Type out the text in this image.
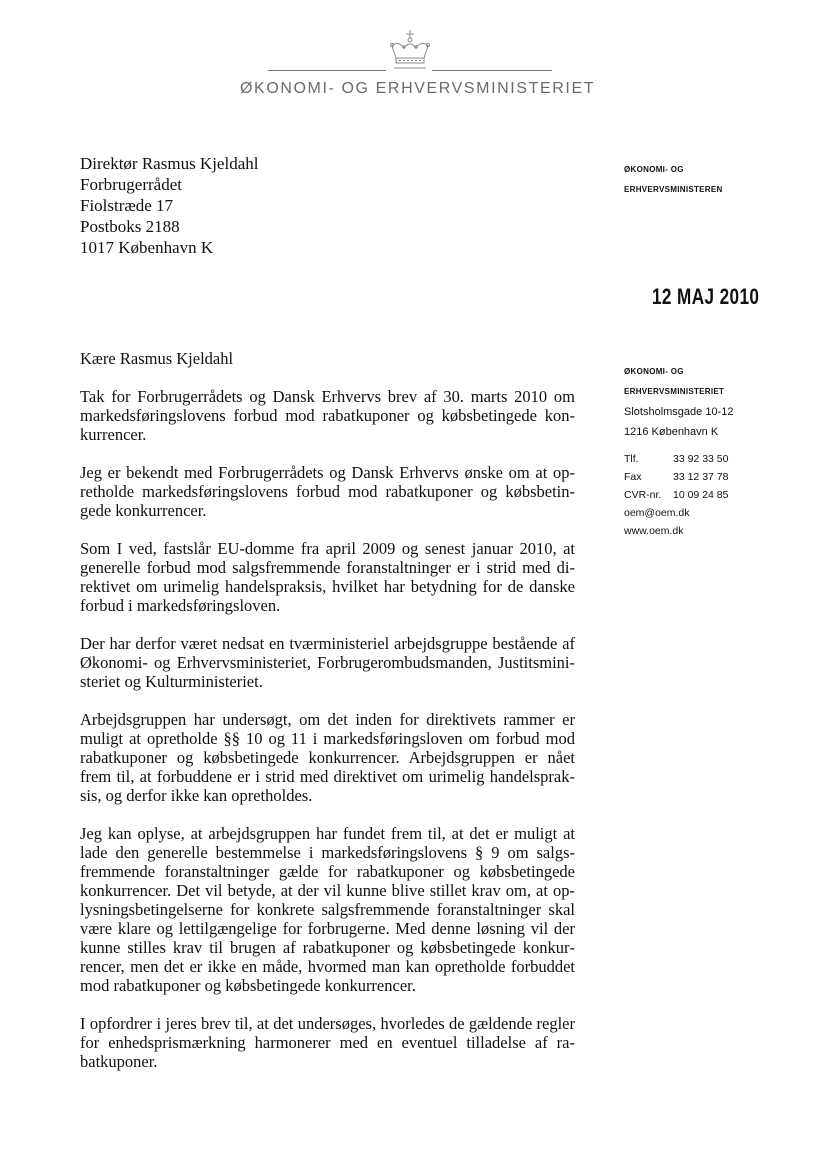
ØKONOMI- OG ERHVERVSMINISTERIET
Direktør Rasmus Kjeldahl
Forbrugerrådet
Fiolstræde 17
Postboks 2188
1017 København K
ØKONOMI- OG
ERHVERVSMINISTEREN
12 MAJ 2010
ØKONOMI- OG
ERHVERVSMINISTERIET
Slotsholmsgade 10-12
1216 København K
Tlf.	33 92 33 50
Fax	33 12 37 78
CVR-nr.	10 09 24 85
oem@oem.dk
www.oem.dk
Kære Rasmus Kjeldahl
Tak for Forbrugerrådets og Dansk Erhvervs brev af 30. marts 2010 om markedsføringslovens forbud mod rabatkuponer og købsbetingede konkurrencer.
Jeg er bekendt med Forbrugerrådets og Dansk Erhvervs ønske om at opretholde markedsføringslovens forbud mod rabatkuponer og købsbetingede konkurrencer.
Som I ved, fastslår EU-domme fra april 2009 og senest januar 2010, at generelle forbud mod salgsfremmende foranstaltninger er i strid med direktivet om urimelig handelspraksis, hvilket har betydning for de danske forbud i markedsføringsloven.
Der har derfor været nedsat en tværministeriel arbejdsgruppe bestående af Økonomi- og Erhvervsministeriet, Forbrugerombudsmanden, Justitsministeriet og Kulturministeriet.
Arbejdsgruppen har undersøgt, om det inden for direktivets rammer er muligt at opretholde §§ 10 og 11 i markedsføringsloven om forbud mod rabatkuponer og købsbetingede konkurrencer. Arbejdsgruppen er nået frem til, at forbuddene er i strid med direktivet om urimelig handelspraksis, og derfor ikke kan opretholdes.
Jeg kan oplyse, at arbejdsgruppen har fundet frem til, at det er muligt at lade den generelle bestemmelse i markedsføringslovens § 9 om salgsfremmende foranstaltninger gælde for rabatkuponer og købsbetingede konkurrencer. Det vil betyde, at der vil kunne blive stillet krav om, at oplysningsbetingelserne for konkrete salgsfremmende foranstaltninger skal være klare og lettilgængelige for forbrugerne. Med denne løsning vil der kunne stilles krav til brugen af rabatkuponer og købsbetingede konkurrencer, men det er ikke en måde, hvormed man kan opretholde forbuddet mod rabatkuponer og købsbetingede konkurrencer.
I opfordrer i jeres brev til, at det undersøges, hvorledes de gældende regler for enhedsprismærkning harmonerer med en eventuel tilladelse af rabatkuponer.
